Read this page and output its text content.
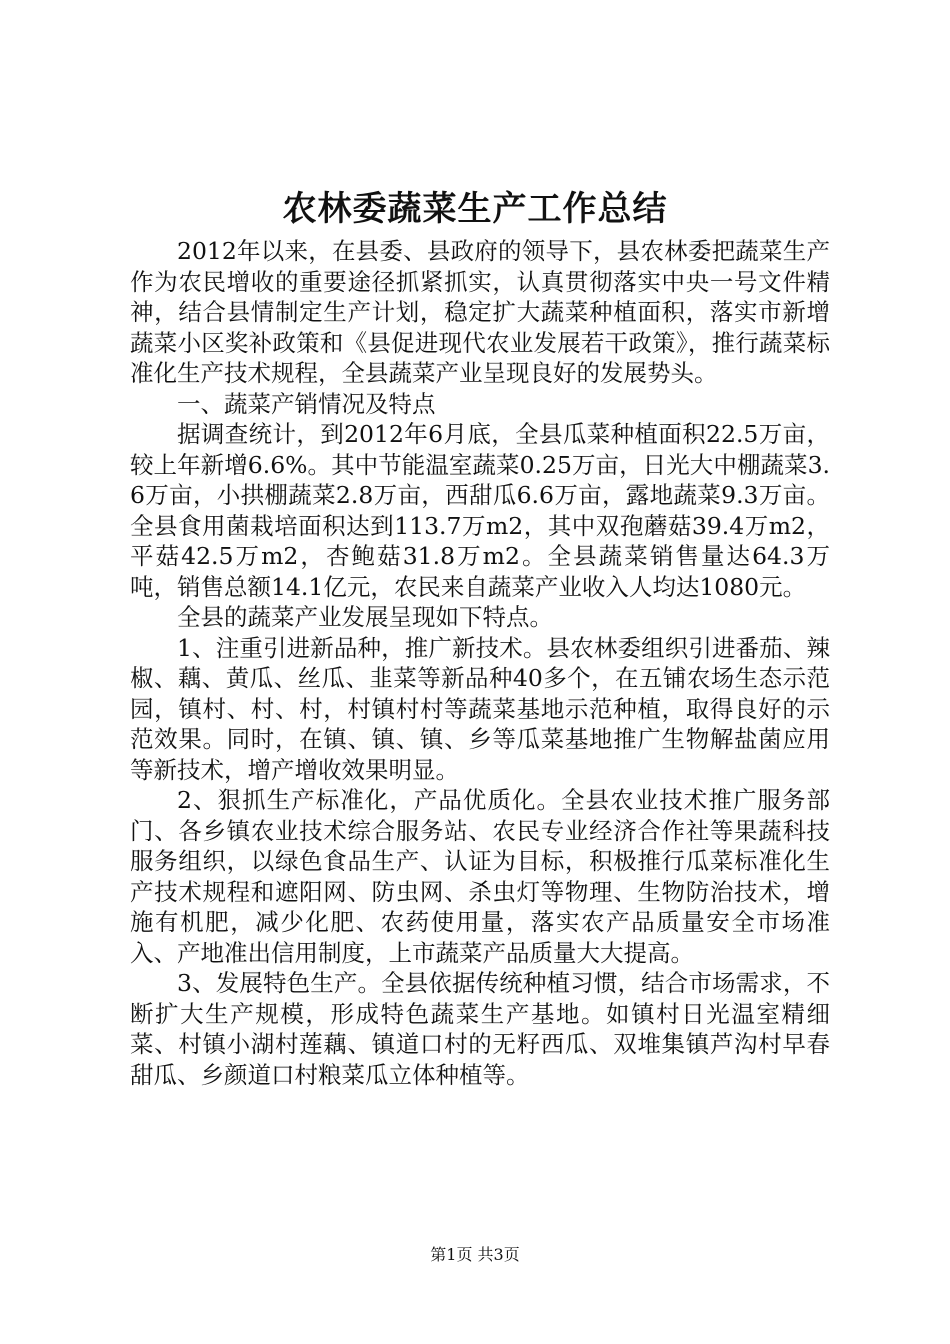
农林委蔬菜生产工作总结

2012年以来，在县委、县政府的领导下，县农林委把蔬菜生产作为农民增收的重要途径抓紧抓实，认真贯彻落实中央一号文件精神，结合县情制定生产计划，稳定扩大蔬菜种植面积，落实市新增蔬菜小区奖补政策和《县促进现代农业发展若干政策》，推行蔬菜标准化生产技术规程，全县蔬菜产业呈现良好的发展势头。

一、蔬菜产销情况及特点

据调查统计，到2012年6月底，全县瓜菜种植面积22.5万亩，较上年新增6.6%。其中节能温室蔬菜0.25万亩，日光大中棚蔬菜3.6万亩，小拱棚蔬菜2.8万亩，西甜瓜6.6万亩，露地蔬菜9.3万亩。全县食用菌栽培面积达到113.7万m2，其中双孢蘑菇39.4万m2，平菇42.5万m2，杏鲍菇31.8万m2。全县蔬菜销售量达64.3万吨，销售总额14.1亿元，农民来自蔬菜产业收入人均达1080元。

全县的蔬菜产业发展呈现如下特点。

1、注重引进新品种，推广新技术。县农林委组织引进番茄、辣椒、藕、黄瓜、丝瓜、韭菜等新品种40多个，在五铺农场生态示范园，镇村、村、村，村镇村村等蔬菜基地示范种植，取得良好的示范效果。同时，在镇、镇、镇、乡等瓜菜基地推广生物解盐菌应用等新技术，增产增收效果明显。

2、狠抓生产标准化，产品优质化。全县农业技术推广服务部门、各乡镇农业技术综合服务站、农民专业经济合作社等果蔬科技服务组织，以绿色食品生产、认证为目标，积极推行瓜菜标准化生产技术规程和遮阳网、防虫网、杀虫灯等物理、生物防治技术，增施有机肥，减少化肥、农药使用量，落实农产品质量安全市场准入、产地准出信用制度，上市蔬菜产品质量大大提高。

3、发展特色生产。全县依据传统种植习惯，结合市场需求，不断扩大生产规模，形成特色蔬菜生产基地。如镇村日光温室精细菜、村镇小湖村莲藕、镇道口村的无籽西瓜、双堆集镇芦沟村早春甜瓜、乡颜道口村粮菜瓜立体种植等。

第1页 共3页
